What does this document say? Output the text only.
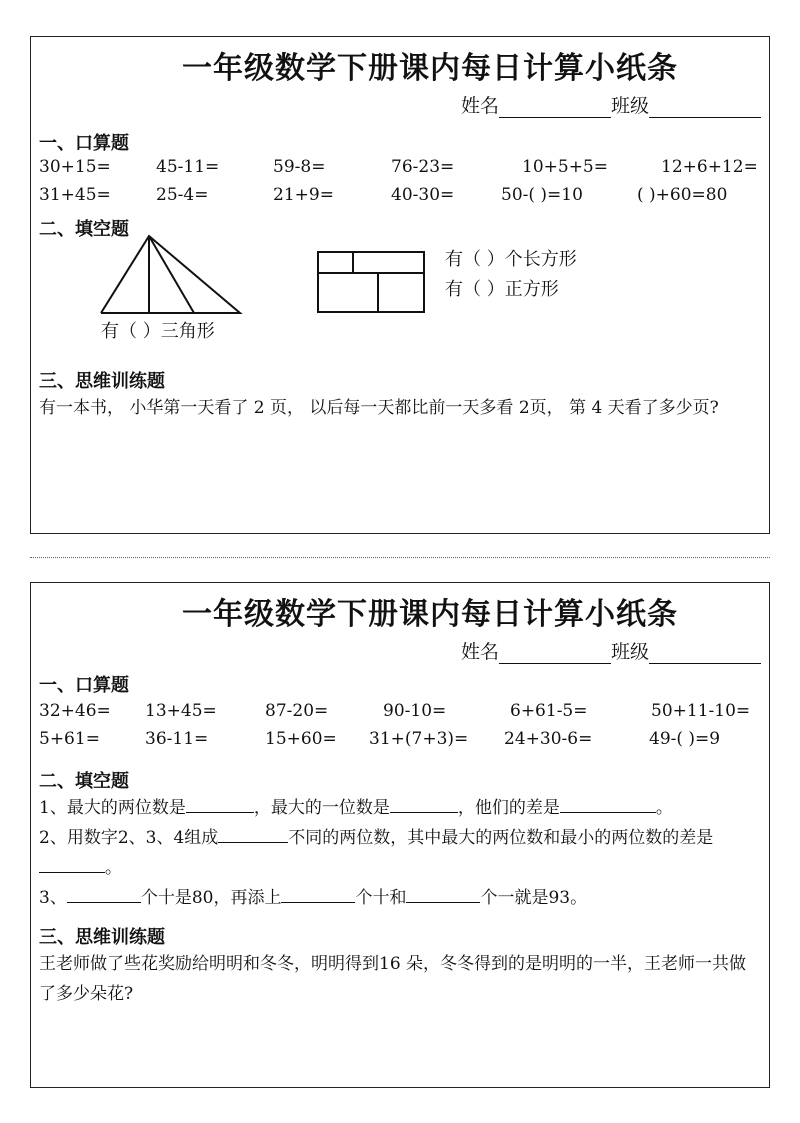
一年级数学下册课内每日计算小纸条
姓名	班级
一、口算题
30+15=	45-11=	59-8=	76-23=	10+5+5=	12+6+12=
31+45=	25-4=	21+9=	40-30=	50-( )=10	( )+60=80
二、填空题
有（ ）三角形
有（ ）个长方形
有（ ）正方形
三、思维训练题
有一本书， 小华第一天看了 2 页， 以后每一天都比前一天多看 2页， 第 4 天看了多少页?
一年级数学下册课内每日计算小纸条
姓名	班级
一、口算题
32+46= 13+45=	87-20=	90-10=	6+61-5=	50+11-10=
5+61=	36-11=	15+60= 31+(7+3)= 24+30-6=	49-( )=9
二、填空题
1、最大的两位数是	，最大的一位数是	，他们的差是	。
2、用数字2、3、4组成	不同的两位数，其中最大的两位数和最小的两位数的差是。
3、	个十是80，再添上	个十和	个一就是93。
三、思维训练题
王老师做了些花奖励给明明和冬冬，明明得到16 朵，冬冬得到的是明明的一半，王老师一共做了多少朵花?
